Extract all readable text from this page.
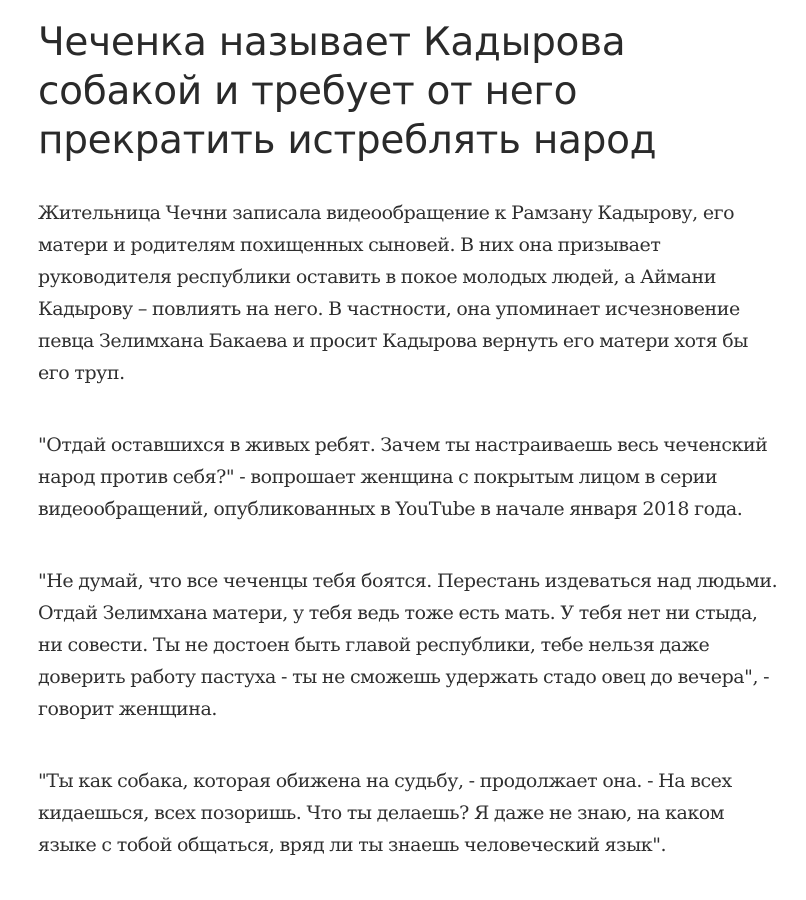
Чеченка называет Кадырова собакой и требует от него прекратить истреблять народ

Жительница Чечни записала видеообращение к Рамзану Кадырову, его матери и родителям похищенных сыновей. В них она призывает руководителя республики оставить в покое молодых людей, а Аймани Кадырову – повлиять на него. В частности, она упоминает исчезновение певца Зелимхана Бакаева и просит Кадырова вернуть его матери хотя бы его труп.

"Отдай оставшихся в живых ребят. Зачем ты настраиваешь весь чеченский народ против себя?" - вопрошает женщина с покрытым лицом в серии видеообращений, опубликованных в YouTube в начале января 2018 года.

"Не думай, что все чеченцы тебя боятся. Перестань издеваться над людьми. Отдай Зелимхана матери, у тебя ведь тоже есть мать. У тебя нет ни стыда, ни совести. Ты не достоен быть главой республики, тебе нельзя даже доверить работу пастуха - ты не сможешь удержать стадо овец до вечера", - говорит женщина.

"Ты как собака, которая обижена на судьбу, - продолжает она. - На всех кидаешься, всех позоришь. Что ты делаешь? Я даже не знаю, на каком языке с тобой общаться, вряд ли ты знаешь человеческий язык".
